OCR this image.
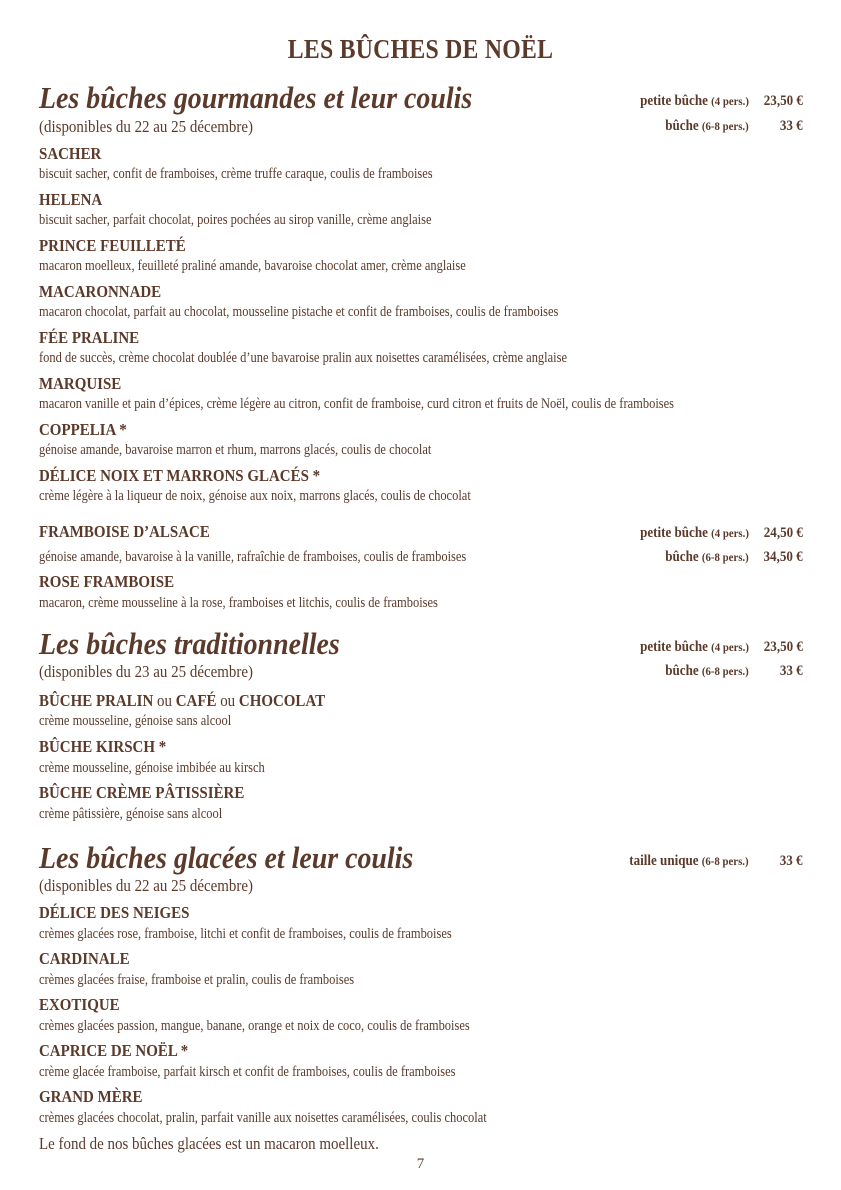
LES BÛCHES DE NOËL
Les bûches gourmandes et leur coulis
(disponibles du 22 au 25 décembre)
petite bûche (4 pers.) 23,50 €
bûche (6-8 pers.) 33 €
SACHER
biscuit sacher, confit de framboises, crème truffe caraque, coulis de framboises
HELENA
biscuit sacher, parfait chocolat, poires pochées au sirop vanille, crème anglaise
PRINCE FEUILLETÉ
macaron moelleux, feuilleté praliné amande, bavaroise chocolat amer, crème anglaise
MACARONNADE
macaron chocolat, parfait au chocolat, mousseline pistache et confit de framboises, coulis de framboises
FÉE PRALINE
fond de succès, crème chocolat doublée d’une bavaroise pralin aux noisettes caramélisées, crème anglaise
MARQUISE
macaron vanille et pain d’épices, crème légère au citron, confit de framboise, curd citron et fruits de Noël, coulis de framboises
COPPELIA *
génoise amande, bavaroise marron et rhum, marrons glacés, coulis de chocolat
DÉLICE NOIX ET MARRONS GLACÉS *
crème légère à la liqueur de noix, génoise aux noix, marrons glacés, coulis de chocolat
petite bûche (4 pers.) 24,50 €
bûche (6-8 pers.) 34,50 €
FRAMBOISE D’ALSACE
génoise amande, bavaroise à la vanille, rafraîchie de framboises, coulis de framboises
ROSE FRAMBOISE
macaron, crème mousseline à la rose, framboises et litchis, coulis de framboises
Les bûches traditionnelles
(disponibles du 23 au 25 décembre)
petite bûche (4 pers.) 23,50 €
bûche (6-8 pers.) 33 €
BÛCHE PRALIN ou CAFÉ ou CHOCOLAT
crème mousseline, génoise sans alcool
BÛCHE KIRSCH *
crème mousseline, génoise imbibée au kirsch
BÛCHE CRÈME PÂTISSIÈRE
crème pâtissière, génoise sans alcool
Les bûches glacées et leur coulis
(disponibles du 22 au 25 décembre)
taille unique (6-8 pers.) 33 €
DÉLICE DES NEIGES
crèmes glacées rose, framboise, litchi et confit de framboises, coulis de framboises
CARDINALE
crèmes glacées fraise, framboise et pralin, coulis de framboises
EXOTIQUE
crèmes glacées passion, mangue, banane, orange et noix de coco, coulis de framboises
CAPRICE DE NOËL *
crème glacée framboise, parfait kirsch et confit de framboises, coulis de framboises
GRAND MÈRE
crèmes glacées chocolat, pralin, parfait vanille aux noisettes caramélisées, coulis chocolat
Le fond de nos bûches glacées est un macaron moelleux.
7
